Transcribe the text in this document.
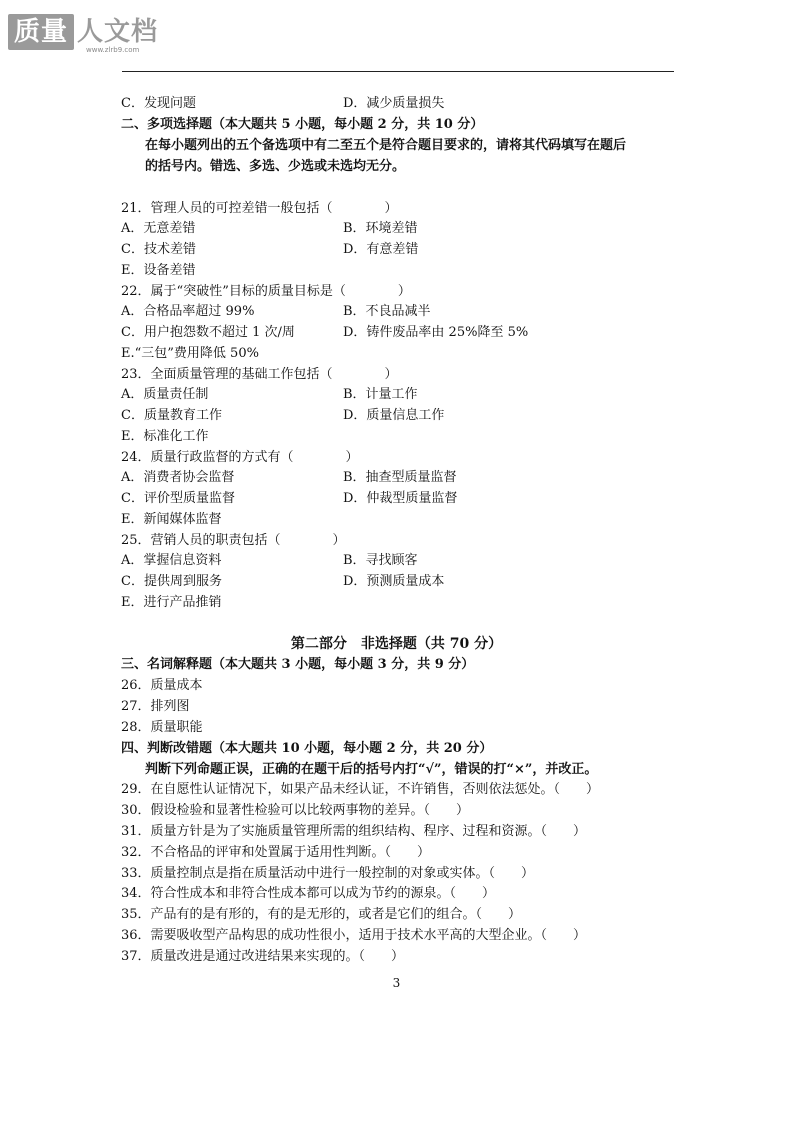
质量 人文档
www.zlrb9.com
C．发现问题	D．减少质量损失
二、多项选择题（本大题共 5 小题，每小题 2 分，共 10 分）
在每小题列出的五个备选项中有二至五个是符合题目要求的，请将其代码填写在题后
的括号内。错选、多选、少选或未选均无分。
21．管理人员的可控差错一般包括（　　　　）
A．无意差错	B．环境差错
C．技术差错	D．有意差错
E．设备差错
22．属于“突破性”目标的质量目标是（　　　　）
A．合格品率超过 99%	B．不良品减半
C．用户抱怨数不超过 1 次/周	D．铸件废品率由 25%降至 5%
E.“三包”费用降低 50%
23．全面质量管理的基础工作包括（　　　　）
A．质量责任制	B．计量工作
C．质量教育工作	D．质量信息工作
E．标准化工作
24．质量行政监督的方式有（　　　　）
A．消费者协会监督	B．抽查型质量监督
C．评价型质量监督	D．仲裁型质量监督
E．新闻媒体监督
25．营销人员的职责包括（　　　　）
A．掌握信息资料	B．寻找顾客
C．提供周到服务	D．预测质量成本
E．进行产品推销
第二部分　非选择题（共 70 分）
三、名词解释题（本大题共 3 小题，每小题 3 分，共 9 分）
26．质量成本
27．排列图
28．质量职能
四、判断改错题（本大题共 10 小题，每小题 2 分，共 20 分）
判断下列命题正误，正确的在题干后的括号内打“√”，错误的打“×”，并改正。
29．在自愿性认证情况下，如果产品未经认证，不许销售，否则依法惩处。（　　）
30．假设检验和显著性检验可以比较两事物的差异。（　　）
31．质量方针是为了实施质量管理所需的组织结构、程序、过程和资源。（　　）
32．不合格品的评审和处置属于适用性判断。（　　）
33．质量控制点是指在质量活动中进行一般控制的对象或实体。（　　）
34．符合性成本和非符合性成本都可以成为节约的源泉。（　　）
35．产品有的是有形的，有的是无形的，或者是它们的组合。（　　）
36．需要吸收型产品构思的成功性很小，适用于技术水平高的大型企业。（　　）
37．质量改进是通过改进结果来实现的。（　　）
3
